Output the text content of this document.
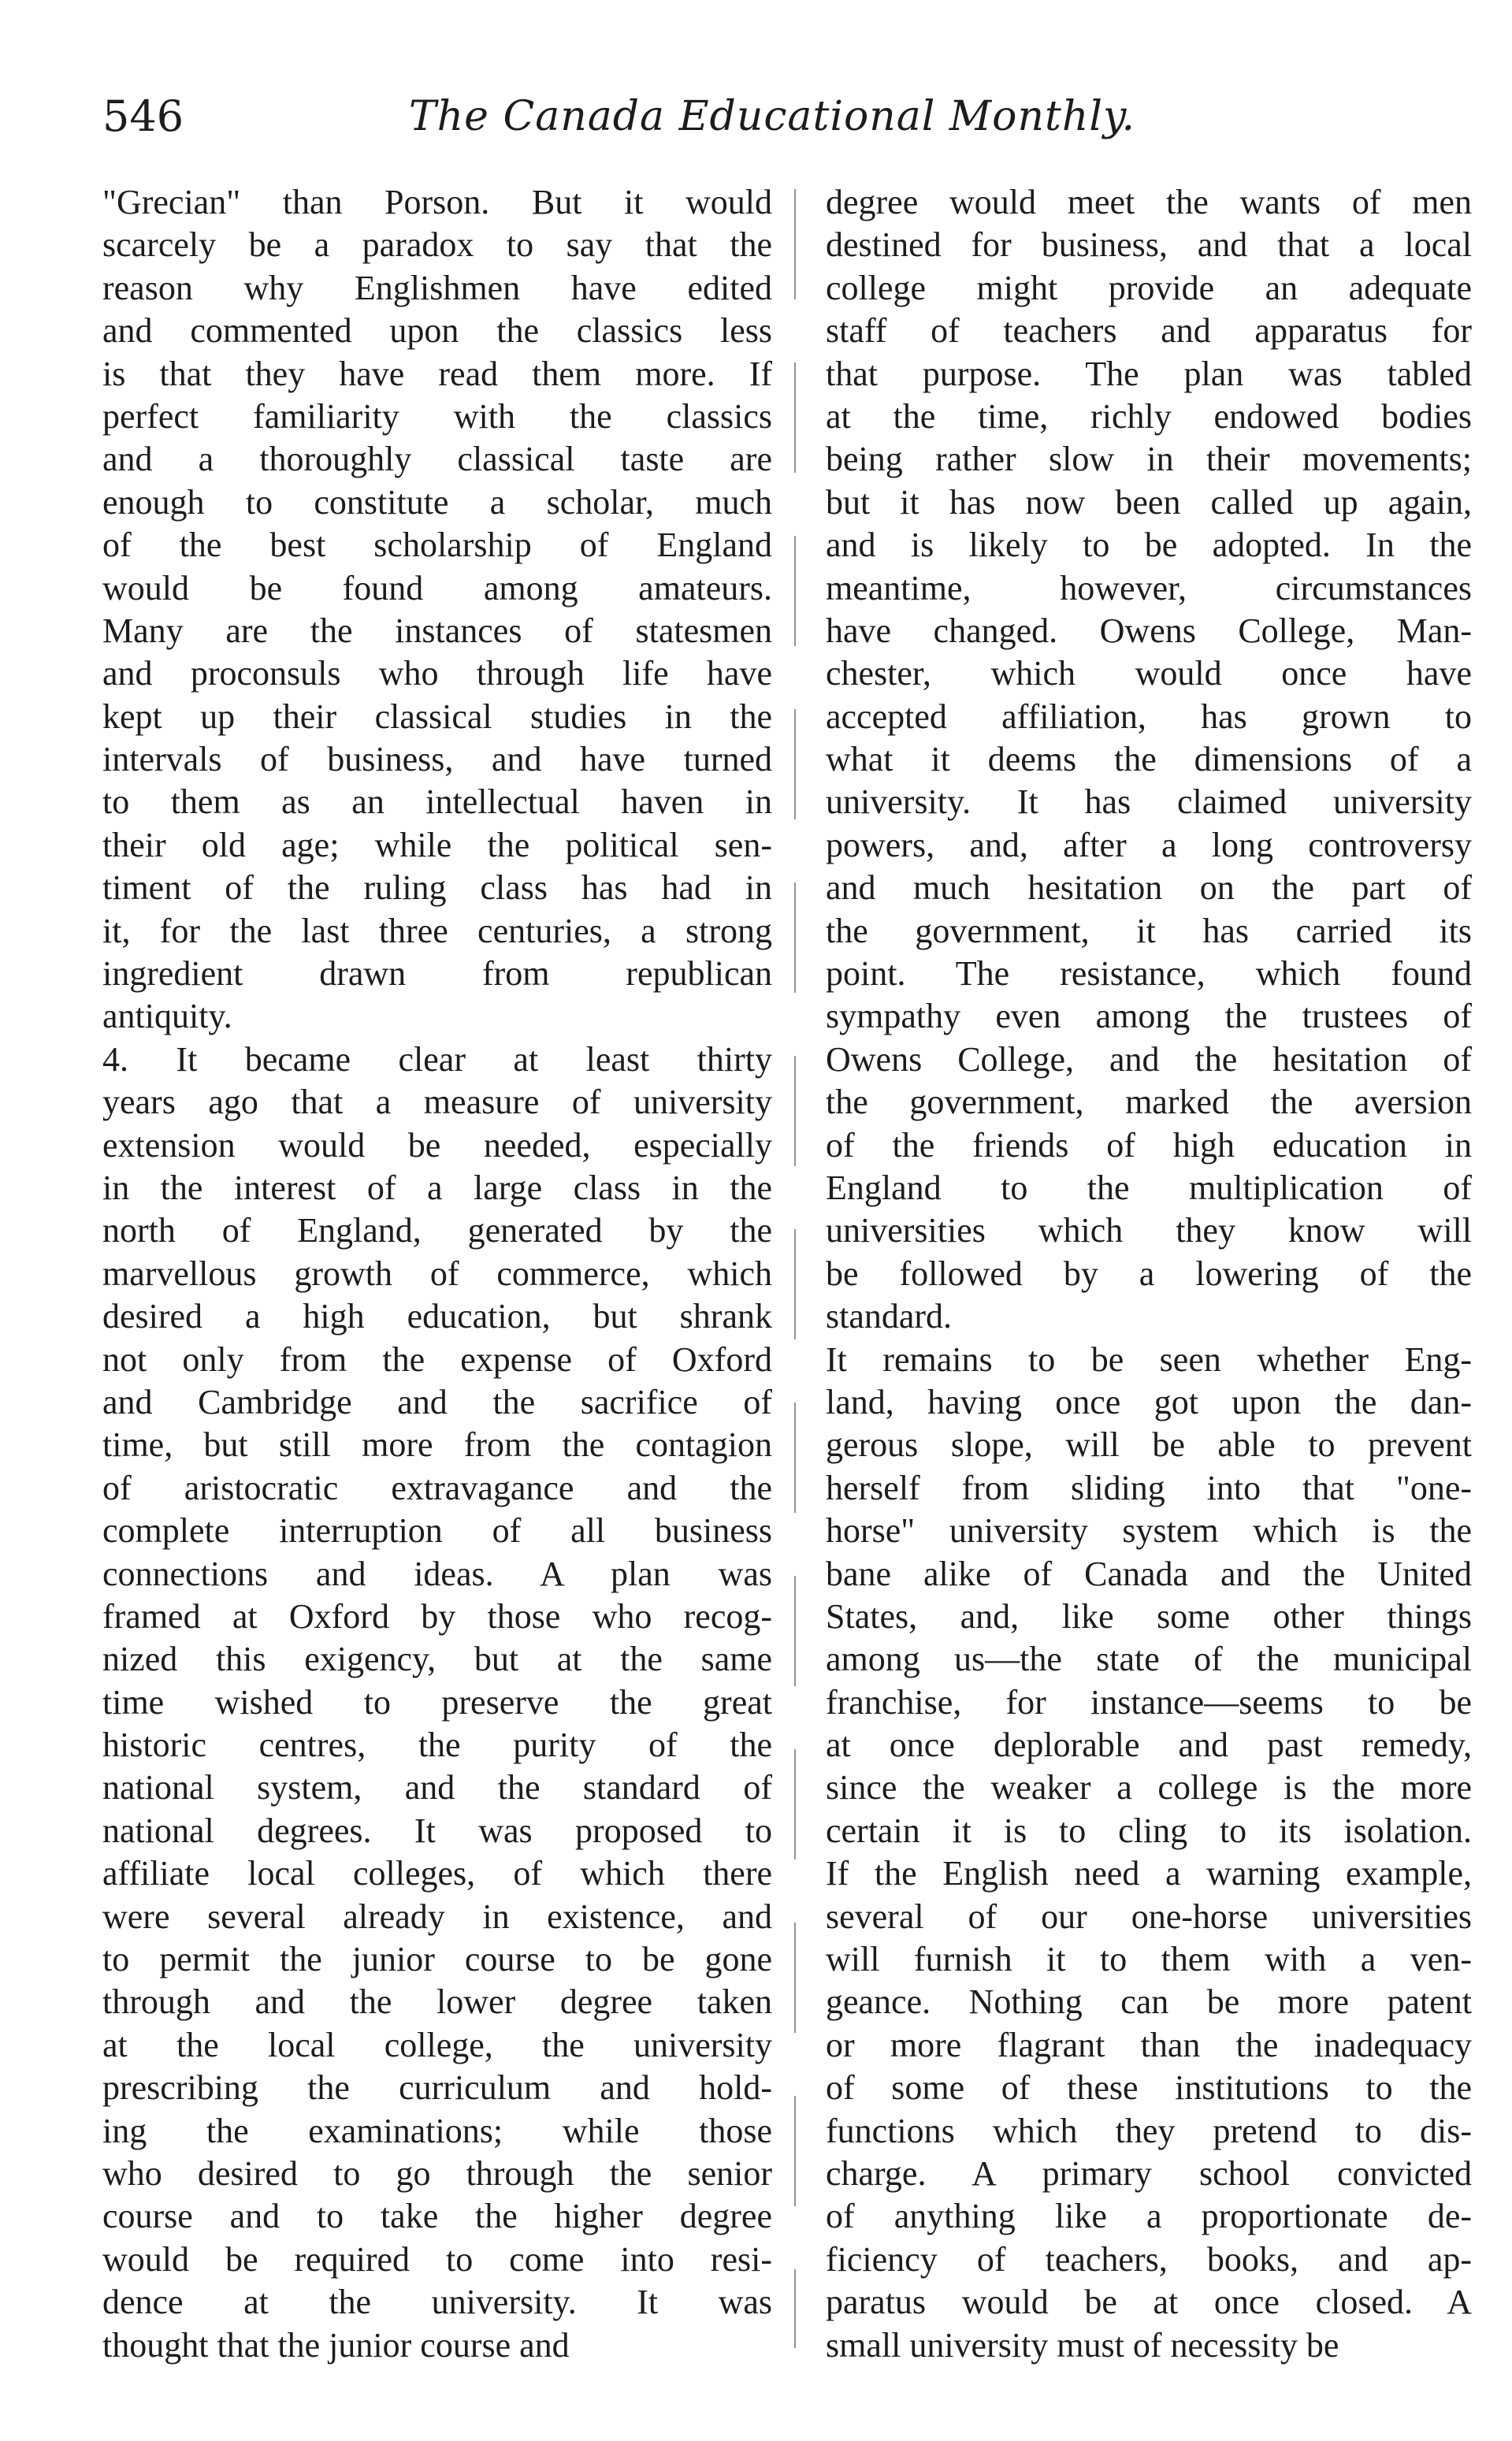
546	The Canada Educational Monthly.
"Grecian" than Porson. But it would
scarcely be a paradox to say that the
reason why Englishmen have edited
and commented upon the classics less
is that they have read them more. If
perfect familiarity with the classics
and a thoroughly classical taste are
enough to constitute a scholar, much
of the best scholarship of England
would be found among amateurs.
Many are the instances of statesmen
and proconsuls who through life have
kept up their classical studies in the
intervals of business, and have turned
to them as an intellectual haven in
their old age; while the political sen-
timent of the ruling class has had in
it, for the last three centuries, a strong
ingredient drawn from republican
antiquity.
4. It became clear at least thirty
years ago that a measure of university
extension would be needed, especially
in the interest of a large class in the
north of England, generated by the
marvellous growth of commerce, which
desired a high education, but shrank
not only from the expense of Oxford
and Cambridge and the sacrifice of
time, but still more from the contagion
of aristocratic extravagance and the
complete interruption of all business
connections and ideas. A plan was
framed at Oxford by those who recog-
nized this exigency, but at the same
time wished to preserve the great
historic centres, the purity of the
national system, and the standard of
national degrees. It was proposed to
affiliate local colleges, of which there
were several already in existence, and
to permit the junior course to be gone
through and the lower degree taken
at the local college, the university
prescribing the curriculum and hold-
ing the examinations; while those
who desired to go through the senior
course and to take the higher degree
would be required to come into resi-
dence at the university. It was
thought that the junior course and
degree would meet the wants of men
destined for business, and that a local
college might provide an adequate
staff of teachers and apparatus for
that purpose. The plan was tabled
at the time, richly endowed bodies
being rather slow in their movements;
but it has now been called up again,
and is likely to be adopted. In the
meantime, however, circumstances
have changed. Owens College, Man-
chester, which would once have
accepted affiliation, has grown to
what it deems the dimensions of a
university. It has claimed university
powers, and, after a long controversy
and much hesitation on the part of
the government, it has carried its
point. The resistance, which found
sympathy even among the trustees of
Owens College, and the hesitation of
the government, marked the aversion
of the friends of high education in
England to the multiplication of
universities which they know will
be followed by a lowering of the
standard.
It remains to be seen whether Eng-
land, having once got upon the dan-
gerous slope, will be able to prevent
herself from sliding into that "one-
horse" university system which is the
bane alike of Canada and the United
States, and, like some other things
among us—the state of the municipal
franchise, for instance—seems to be
at once deplorable and past remedy,
since the weaker a college is the more
certain it is to cling to its isolation.
If the English need a warning example,
several of our one-horse universities
will furnish it to them with a ven-
geance. Nothing can be more patent
or more flagrant than the inadequacy
of some of these institutions to the
functions which they pretend to dis-
charge. A primary school convicted
of anything like a proportionate de-
ficiency of teachers, books, and ap-
paratus would be at once closed. A
small university must of necessity be
